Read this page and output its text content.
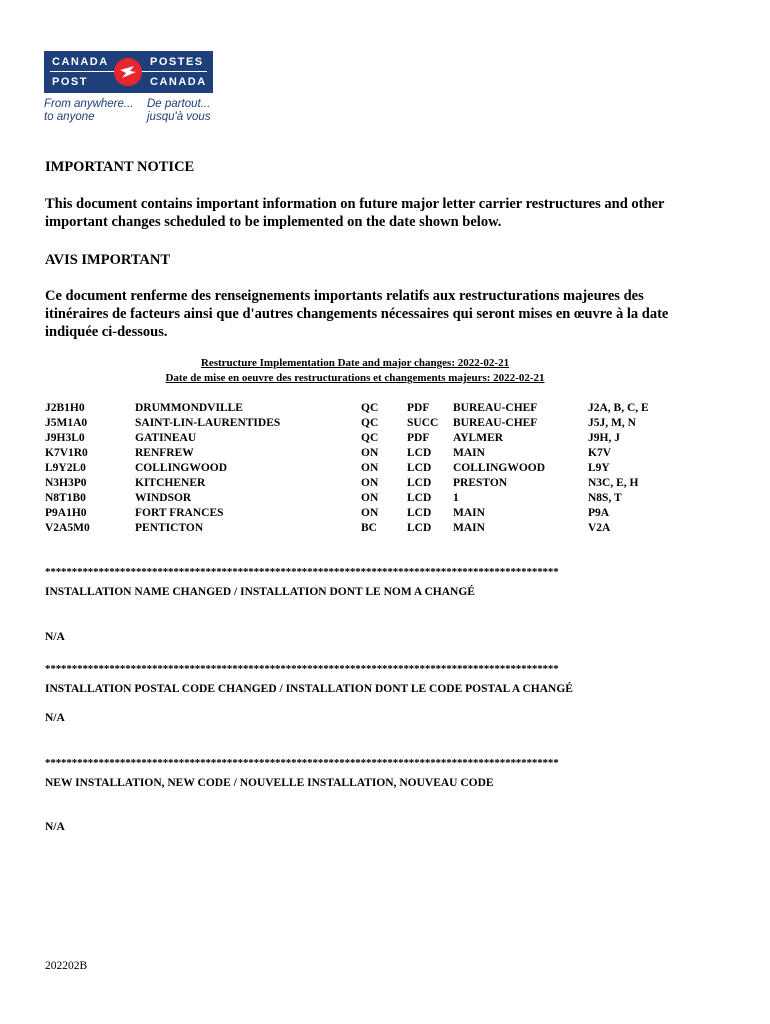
CANADA	POSTES
POST	CANADA
From anywhere...
to anyone
De partout...
jusqu'à vous
IMPORTANT NOTICE
This document contains important information on future major letter carrier restructures and other important changes scheduled to be implemented on the date shown below.
AVIS IMPORTANT
Ce document renferme des renseignements importants relatifs aux restructurations majeures des itinéraires de facteurs ainsi que d'autres changements nécessaires qui seront mises en œuvre à la date indiquée ci-dessous.
Restructure Implementation Date and major changes: 2022-02-21
Date de mise en oeuvre des restructurations et changements majeurs: 2022-02-21
J2B1H0	DRUMMONDVILLE	QC	PDF BUREAU-CHEF	J2A, B, C, E
J5M1A0	SAINT-LIN-LAURENTIDES	QC	SUCC BUREAU-CHEF	J5J, M, N
J9H3L0	GATINEAU	QC	PDF AYLMER	J9H, J
K7V1R0	RENFREW	ON	LCD MAIN	K7V
L9Y2L0	COLLINGWOOD	ON	LCD COLLINGWOOD	L9Y
N3H3P0	KITCHENER	ON	LCD PRESTON	N3C, E, H
N8T1B0	WINDSOR	ON	LCD 1	N8S, T
P9A1H0	FORT FRANCES	ON	LCD MAIN	P9A
V2A5M0	PENTICTON	BC	LCD MAIN	V2A
************************************************************************************************
INSTALLATION NAME CHANGED / INSTALLATION DONT LE NOM A CHANGÉ
N/A
************************************************************************************************
INSTALLATION POSTAL CODE CHANGED / INSTALLATION DONT LE CODE POSTAL A CHANGÉ
N/A
************************************************************************************************
NEW INSTALLATION, NEW CODE / NOUVELLE INSTALLATION, NOUVEAU CODE
N/A
202202B
